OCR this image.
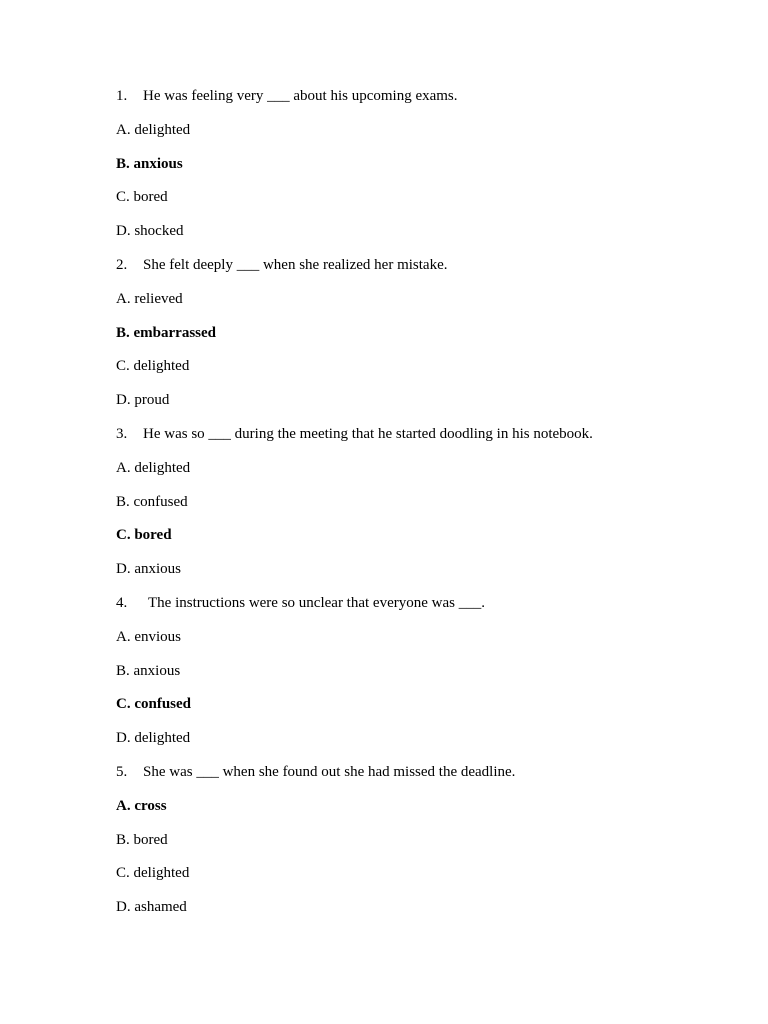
1. He was feeling very ___ about his upcoming exams.
A. delighted
B. anxious
C. bored
D. shocked
2. She felt deeply ___ when she realized her mistake.
A. relieved
B. embarrassed
C. delighted
D. proud
3. He was so ___ during the meeting that he started doodling in his notebook.
A. delighted
B. confused
C. bored
D. anxious
4. The instructions were so unclear that everyone was ___.
A. envious
B. anxious
C. confused
D. delighted
5. She was ___ when she found out she had missed the deadline.
A. cross
B. bored
C. delighted
D. ashamed
